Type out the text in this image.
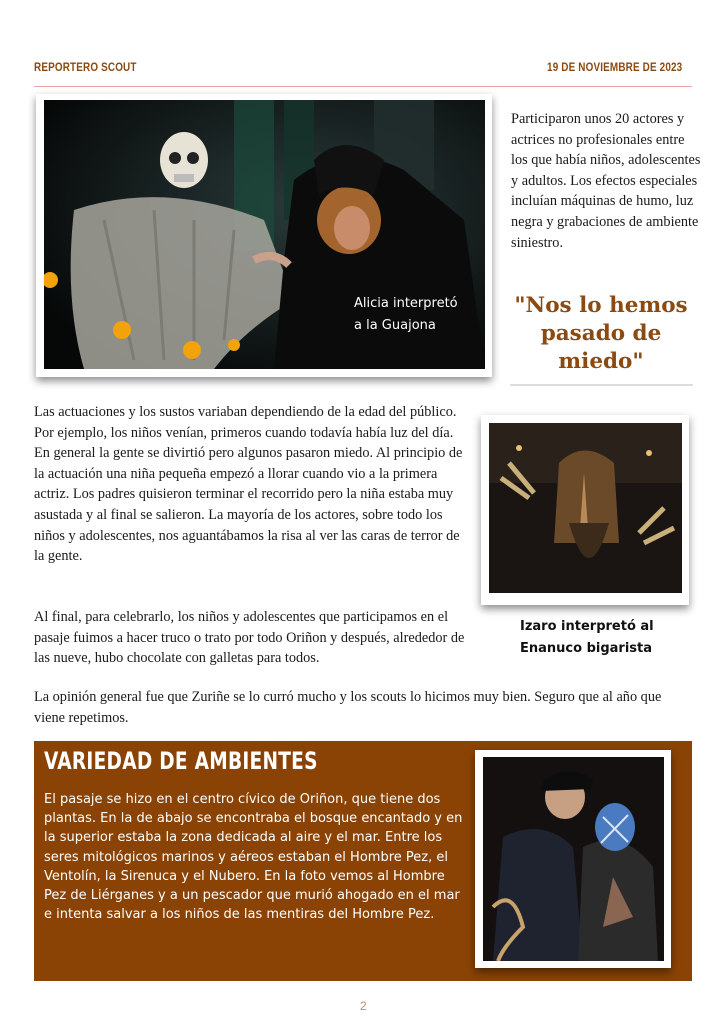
REPORTERO SCOUT	19 DE NOVIEMBRE DE 2023
Alicia interpretó
a la Guajona
Participaron unos 20 actores y actrices no profesionales entre los que había niños, adolescentes y adultos. Los efectos especiales incluían máquinas de humo, luz negra y grabaciones de ambiente siniestro.
"Nos lo hemos pasado de miedo"
Las actuaciones y los sustos variaban dependiendo de la edad del público. Por ejemplo, los niños venían, primeros cuando todavía había luz del día. En general la gente se divirtió pero algunos pasaron miedo. Al principio de la actuación una niña pequeña empezó a llorar cuando vio a la primera actriz. Los padres quisieron terminar el recorrido pero la niña estaba muy asustada y al final se salieron. La mayoría de los actores, sobre todo los niños y adolescentes, nos aguantábamos la risa al ver las caras de terror de la gente.
Al final, para celebrarlo, los niños y adolescentes que participamos en el pasaje fuimos a hacer truco o trato por todo Oriñon y después, alrededor de las nueve, hubo chocolate con galletas para todos.
Izaro interpretó al
Enanuco bigarista
La opinión general fue que Zuriñe se lo curró mucho y los scouts lo hicimos muy bien. Seguro que al año que viene repetimos.
VARIEDAD DE AMBIENTES
El pasaje se hizo en el centro cívico de Oriñon, que tiene dos plantas. En la de abajo se encontraba el bosque encantado y en la superior estaba la zona dedicada al aire y el mar. Entre los seres mitológicos marinos y aéreos estaban el Hombre Pez, el Ventolín, la Sirenuca y el Nubero. En la foto vemos al Hombre Pez de Liérganes y a un pescador que murió ahogado en el mar e intenta salvar a los niños de las mentiras del Hombre Pez.
2
